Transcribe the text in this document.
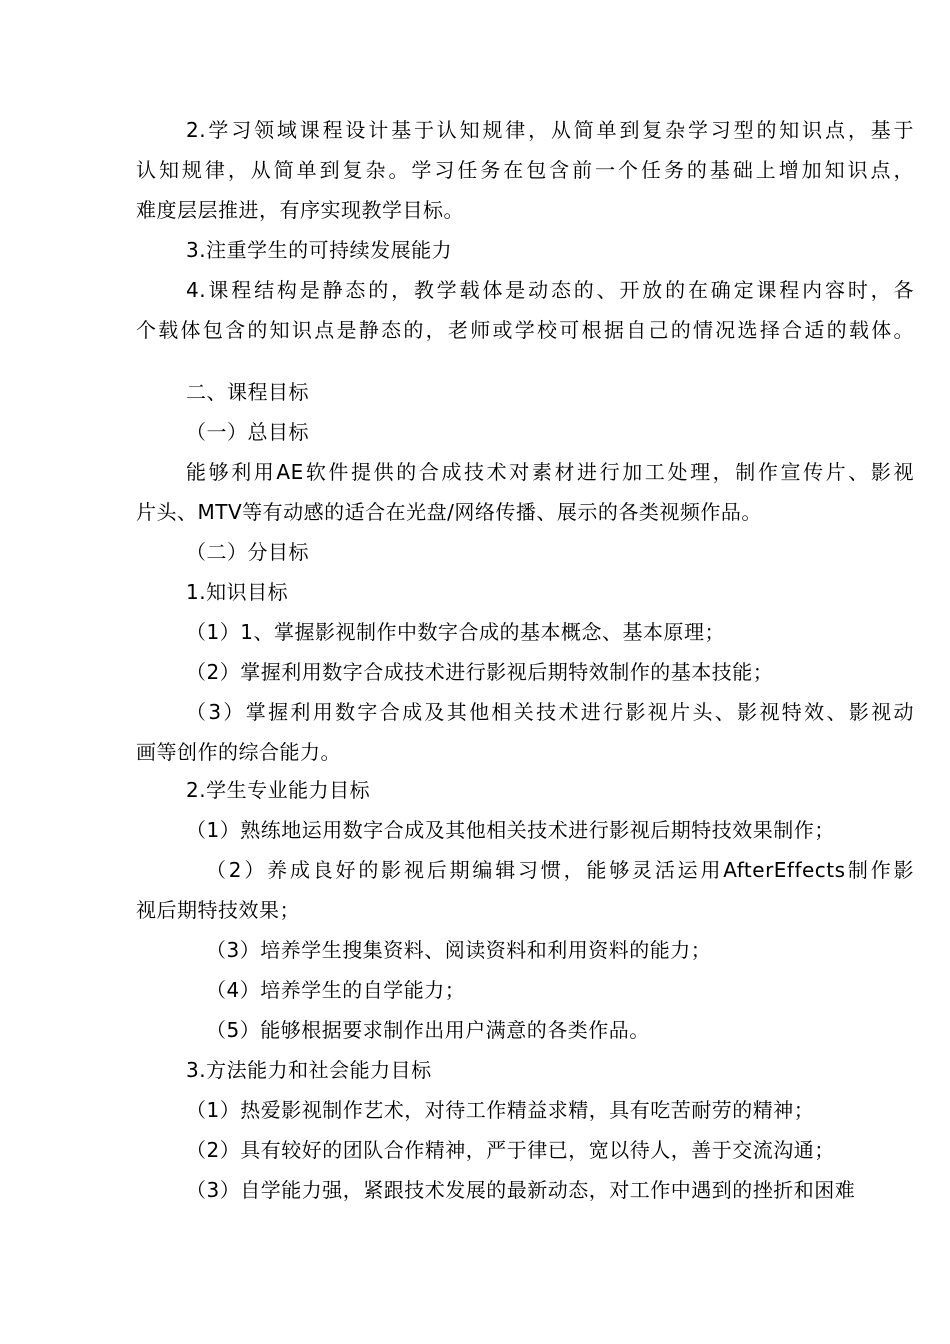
2.学习领域课程设计基于认知规律，从简单到复杂学习型的知识点，基于
认知规律，从简单到复杂。学习任务在包含前一个任务的基础上增加知识点，
难度层层推进，有序实现教学目标。
3.注重学生的可持续发展能力
4.课程结构是静态的，教学载体是动态的、开放的在确定课程内容时，各
个载体包含的知识点是静态的，老师或学校可根据自己的情况选择合适的载体。
二、课程目标
（一）总目标
能够利用AE软件提供的合成技术对素材进行加工处理，制作宣传片、影视
片头、MTV等有动感的适合在光盘/网络传播、展示的各类视频作品。
（二）分目标
1.知识目标
（1）1、掌握影视制作中数字合成的基本概念、基本原理；
（2）掌握利用数字合成技术进行影视后期特效制作的基本技能；
（3）掌握利用数字合成及其他相关技术进行影视片头、影视特效、影视动
画等创作的综合能力。
2.学生专业能力目标
（1）熟练地运用数字合成及其他相关技术进行影视后期特技效果制作；
（2）养成良好的影视后期编辑习惯，能够灵活运用AfterEffects制作影
视后期特技效果；
（3）培养学生搜集资料、阅读资料和利用资料的能力；
（4）培养学生的自学能力；
（5）能够根据要求制作出用户满意的各类作品。
3.方法能力和社会能力目标
（1）热爱影视制作艺术，对待工作精益求精，具有吃苦耐劳的精神；
（2）具有较好的团队合作精神，严于律已，宽以待人，善于交流沟通；
（3）自学能力强，紧跟技术发展的最新动态，对工作中遇到的挫折和困难
